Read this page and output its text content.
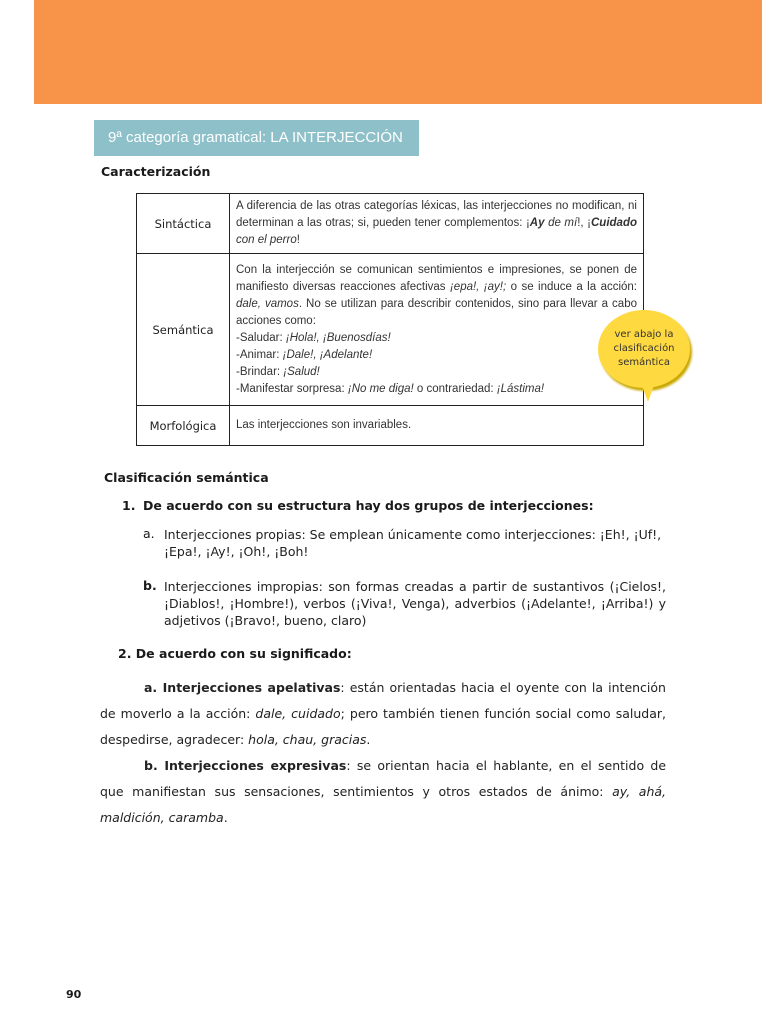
9ª categoría gramatical: LA INTERJECCIÓN
Caracterización
Sintáctica	A diferencia de las otras categorías léxicas, las interjecciones no modifican, ni determinan a las otras; si, pueden tener complementos: ¡Ay de mí!, ¡Cuidado con el perro!
Semántica	Con la interjección se comunican sentimientos e impresiones, se ponen de manifiesto diversas reacciones afectivas ¡epa!, ¡ay!; o se induce a la acción: dale, vamos. No se utilizan para describir contenidos, sino para llevar a cabo acciones como:

-Saludar: ¡Hola!, ¡Buenosdías!

-Animar: ¡Dale!, ¡Adelante!

-Brindar: ¡Salud!

-Manifestar sorpresa: ¡No me diga! o contrariedad: ¡Lástima!

Morfológica	Las interjecciones son invariables.
ver abajo la clasificación semántica
Clasificación semántica
1. De acuerdo con su estructura hay dos grupos de interjecciones:
a. Interjecciones propias: Se emplean únicamente como interjecciones: ¡Eh!, ¡Uf!, ¡Epa!, ¡Ay!, ¡Oh!, ¡Boh!
b. Interjecciones impropias: son formas creadas a partir de sustantivos (¡Cielos!, ¡Diablos!, ¡Hombre!), verbos (¡Viva!, Venga), adverbios (¡Adelante!, ¡Arriba!) y adjetivos (¡Bravo!, bueno, claro)
2. De acuerdo con su significado:
a. Interjecciones apelativas: están orientadas hacia el oyente con la intención de moverlo a la acción: dale, cuidado; pero también tienen función social como saludar, despedirse, agradecer: hola, chau, gracias.
b. Interjecciones expresivas: se orientan hacia el hablante, en el sentido de que manifiestan sus sensaciones, sentimientos y otros estados de ánimo: ay, ahá, maldición, caramba.
90
